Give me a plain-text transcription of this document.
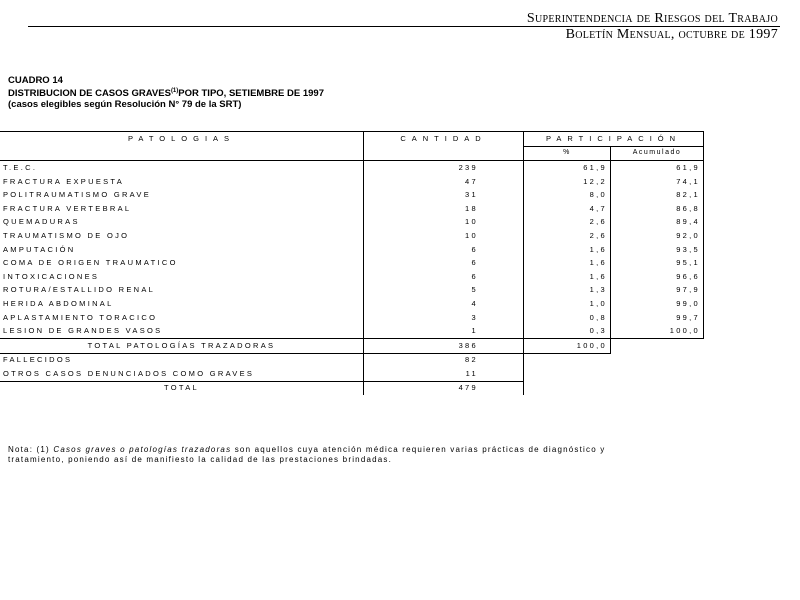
Superintendencia de Riesgos del Trabajo
Boletín Mensual, octubre de 1997
CUADRO 14
DISTRIBUCION DE CASOS GRAVES$^{(1)}$POR TIPO, SETIEMBRE DE 1997
(casos elegibles según Resolución N° 79 de la SRT)
PATOLOGIAS	CANTIDAD	PARTICIPACIÓN	
		%	Acumulado
T.E.C.	239	61,9	61,9
FRACTURA EXPUESTA	47	12,2	74,1
POLITRAUMATISMO GRAVE	31	8,0	82,1
FRACTURA VERTEBRAL	18	4,7	86,8
QUEMADURAS	10	2,6	89,4
TRAUMATISMO DE OJO	10	2,6	92,0
AMPUTACIÓN	6	1,6	93,5
COMA DE ORIGEN TRAUMATICO	6	1,6	95,1
INTOXICACIONES	6	1,6	96,6
ROTURA/ESTALLIDO RENAL	5	1,3	97,9
HERIDA ABDOMINAL	4	1,0	99,0
APLASTAMIENTO TORACICO	3	0,8	99,7
LESION DE GRANDES VASOS	1	0,3	100,0
TOTAL PATOLOGÍAS TRAZADORAS	386	100,0	
FALLECIDOS	82		
OTROS CASOS DENUNCIADOS COMO GRAVES	11		
TOTAL	479		
Nota: (1) Casos graves o patologías trazadoras son aquellos cuya atención médica requieren varias prácticas de diagnóstico y tratamiento, poniendo así de manifiesto la calidad de las prestaciones brindadas.
